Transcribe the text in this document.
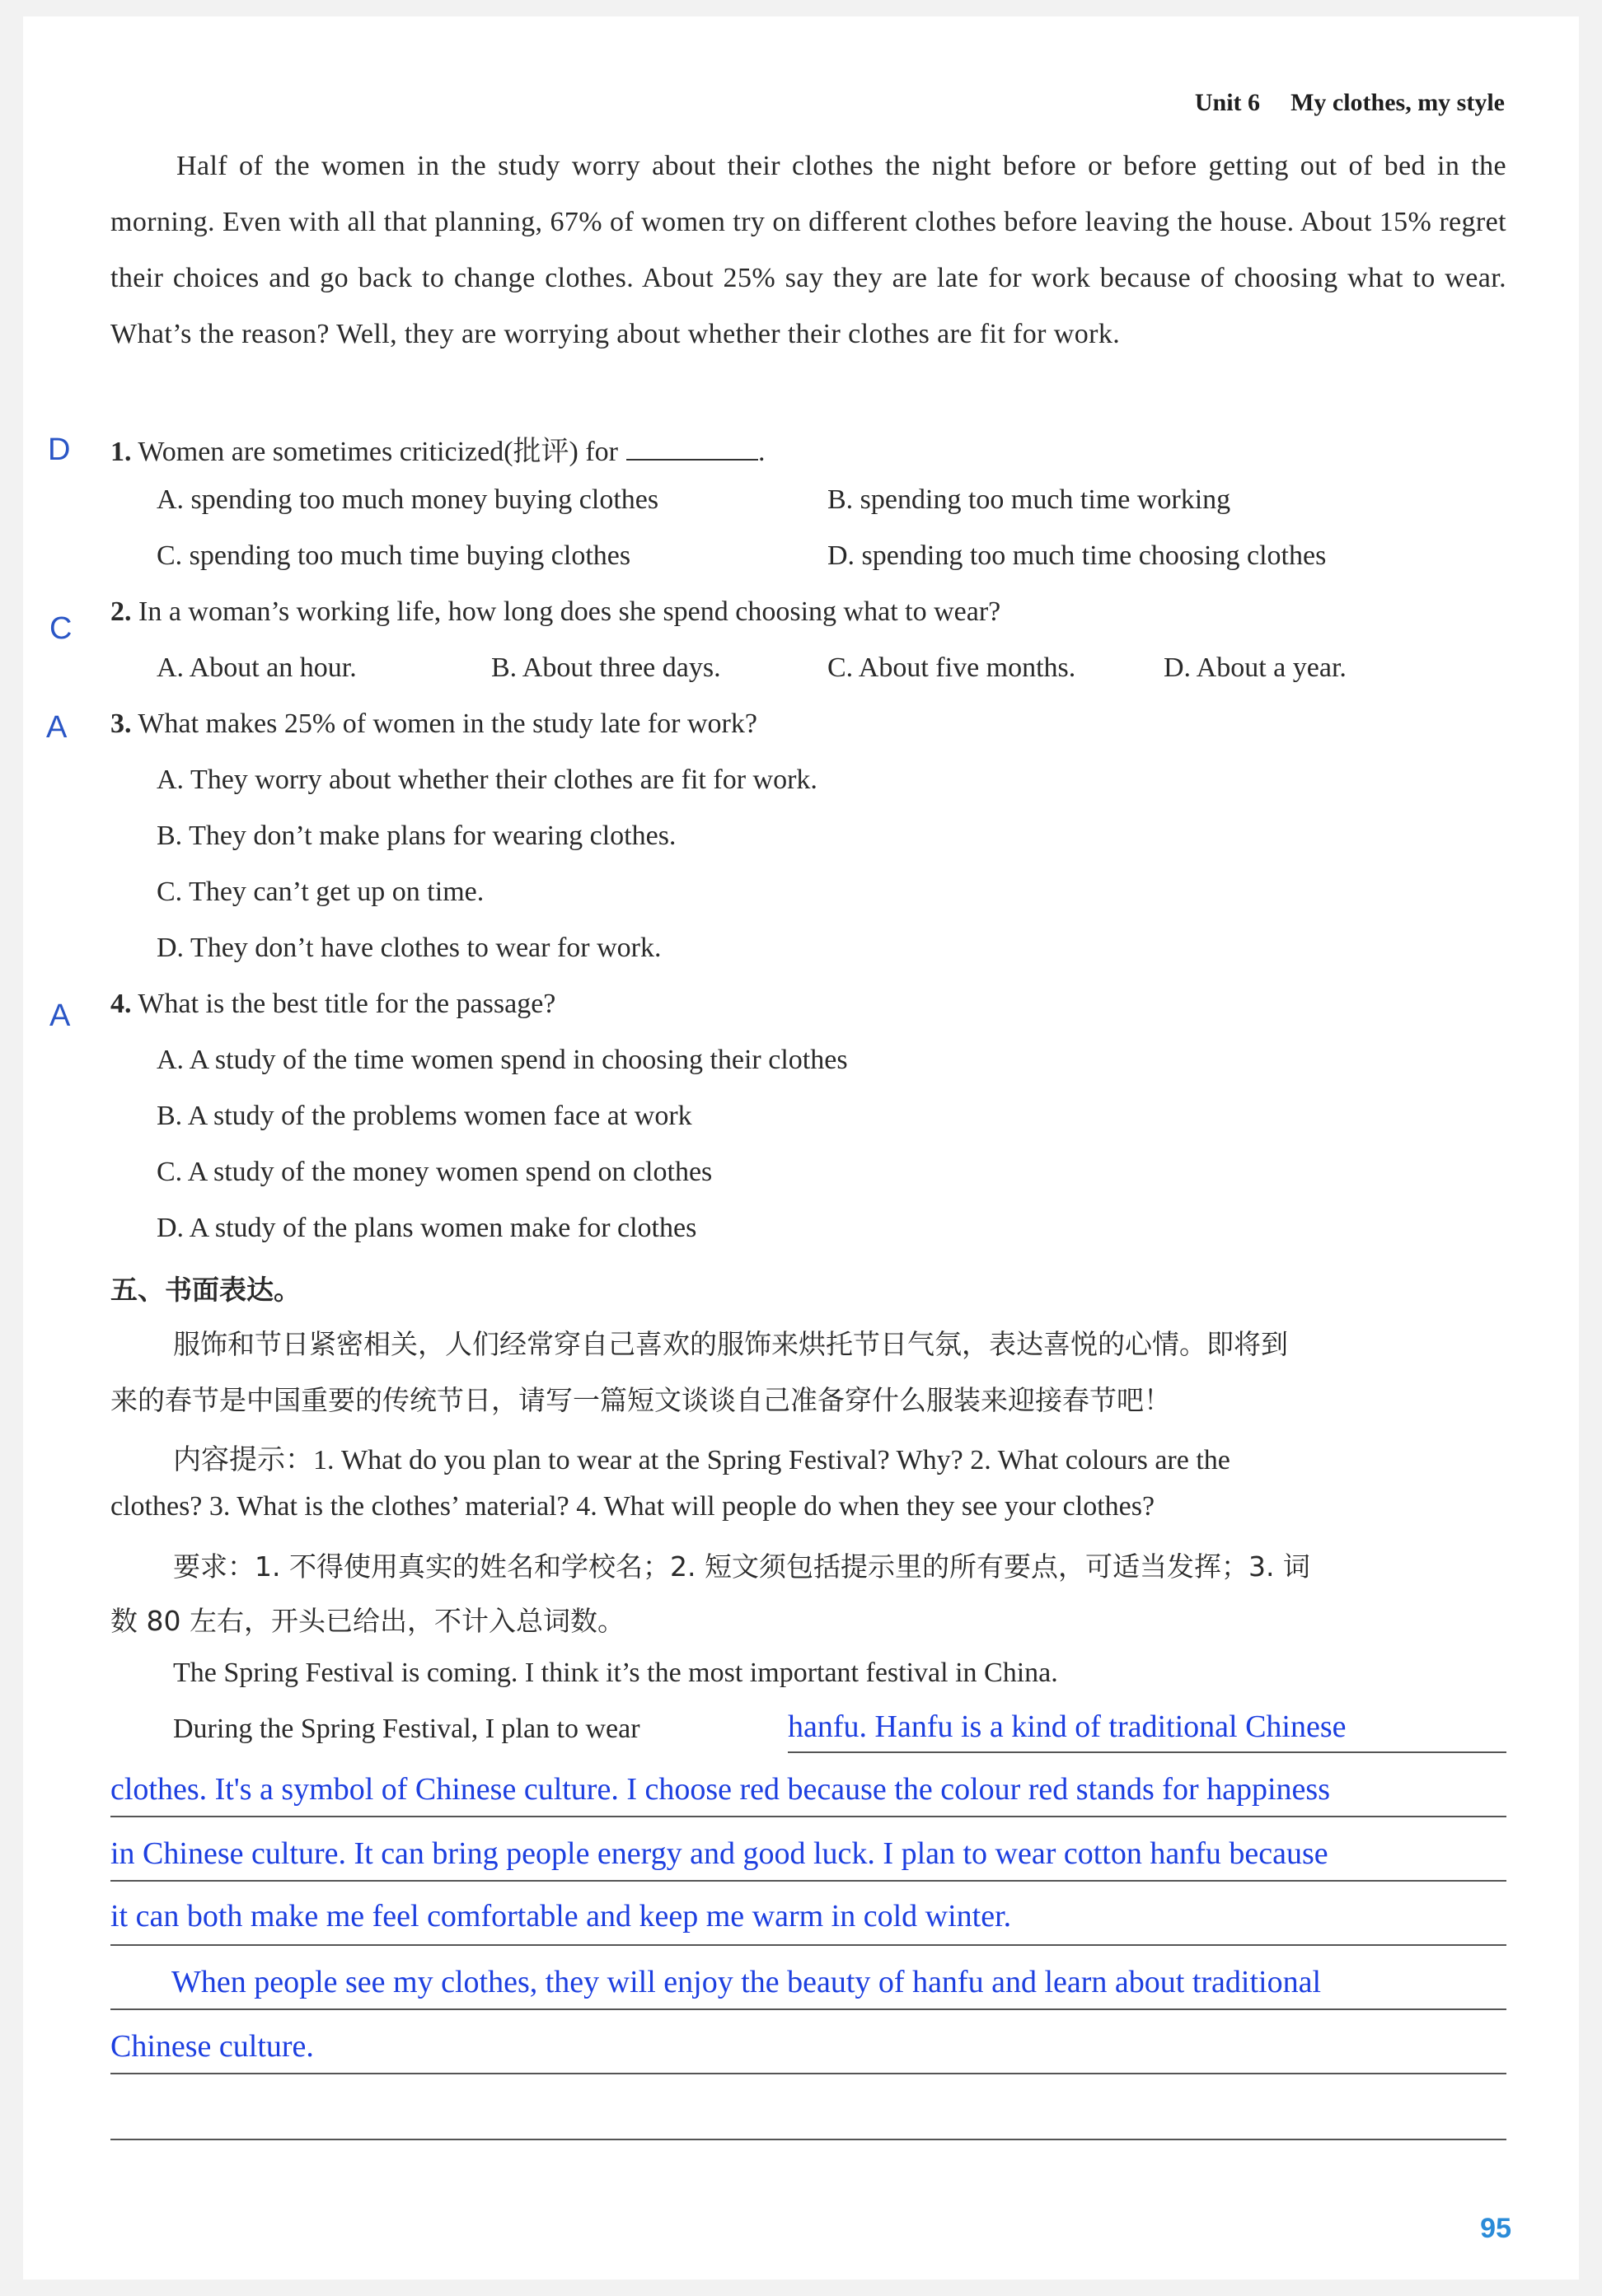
Unit 6 My clothes, my style
Half of the women in the study worry about their clothes the night before or before getting out of bed in the morning. Even with all that planning, 67% of women try on different clothes before leaving the house. About 15% regret their choices and go back to change clothes. About 25% say they are late for work because of choosing what to wear. What’s the reason? Well, they are worrying about whether their clothes are fit for work.
D 1. Women are sometimes criticized(批评) for	.
A. spending too much money buying clothes	B. spending too much time working
C. spending too much time buying clothes	D. spending too much time choosing clothes
C 2. In a woman’s working life, how long does she spend choosing what to wear?
A. About an hour.	B. About three days.	C. About five months.	D. About a year.
A 3. What makes 25% of women in the study late for work?
A. They worry about whether their clothes are fit for work.
B. They don’t make plans for wearing clothes.
C. They can’t get up on time.
D. They don’t have clothes to wear for work.
A 4. What is the best title for the passage?
A. A study of the time women spend in choosing their clothes
B. A study of the problems women face at work
C. A study of the money women spend on clothes
D. A study of the plans women make for clothes
五、书面表达。
服饰和节日紧密相关，人们经常穿自己喜欢的服饰来烘托节日气氛，表达喜悦的心情。即将到
来的春节是中国重要的传统节日，请写一篇短文谈谈自己准备穿什么服装来迎接春节吧！
内容提示：1. What do you plan to wear at the Spring Festival? Why? 2. What colours are the
clothes? 3. What is the clothes’ material? 4. What will people do when they see your clothes?
要求：1. 不得使用真实的姓名和学校名；2. 短文须包括提示里的所有要点，可适当发挥；3. 词
数 80 左右，开头已给出，不计入总词数。
The Spring Festival is coming. I think it’s the most important festival in China.
During the Spring Festival, I plan to wear	hanfu. Hanfu is a kind of traditional Chinese
clothes. It's a symbol of Chinese culture. I choose red because the colour red stands for happiness
in Chinese culture. It can bring people energy and good luck. I plan to wear cotton hanfu because
it can both make me feel comfortable and keep me warm in cold winter.
When people see my clothes, they will enjoy the beauty of hanfu and learn about traditional
Chinese culture.
95
